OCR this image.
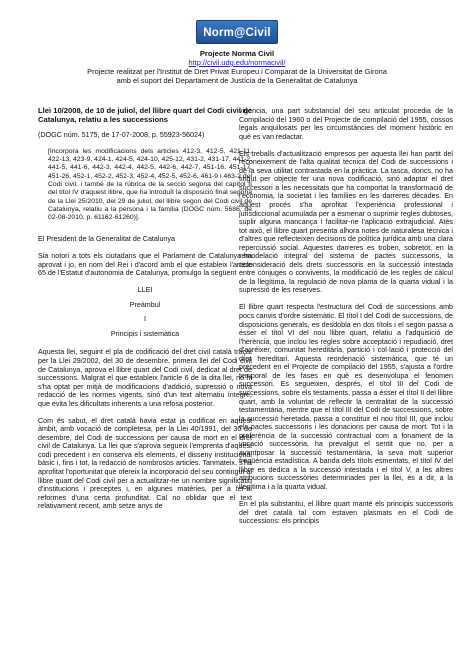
Norm@Civil
Projecte Norma Civil
http://civil.udg.edu/normacivil/
Projecte realitzat per l'Institut de Dret Privat Europeu i Comparat de la Universitat de Girona
amb el suport del Departament de Justícia de la Generalitat de Catalunya
Llei 10/2008, de 10 de juliol, del llibre quart del Codi civil de Catalunya, relatiu a les successions

(DOGC núm. 5175, de 17-07-2008, p. 55923-56024)

[Incorpora les modificacions dels articles 412-3, 412-5, 421-11, 422-13, 423-9, 424-1, 424-5, 424-10, 425-12, 431-2, 431-17, 441-2, 441-5, 441-6, 442-3, 442-4, 442-5, 442-6, 442-7, 451-16, 451-17, 451-26, 452-1, 452-2, 452-3, 452-4, 452-5, 452-6, 461-9 i 463-2 del Codi civil, i també de la rúbrica de la secció segona del capítol II del títol IV d'aquest llibre, que ha introduït la disposició final segona de la Llei 25/2010, del 29 de juliol, del llibre segon del Codi civil de Catalunya, relatiu a la persona i la família (DOGC núm. 5686, de 02-08-2010, p. 61162-61260)].

El President de la Generalitat de Catalunya

Sia notori a tots els ciutadans que el Parlament de Catalunya ha aprovat i jo, en nom del Rei i d'acord amb el que estableix l'article 65 de l'Estatut d'autonomia de Catalunya, promulgo la següent

LLEI
Preàmbul
I
Principis i sistemàtica

Aquesta llei, seguint el pla de codificació del dret civil català traçat per la Llei 29/2002, del 30 de desembre, primera llei del Codi civil de Catalunya, aprova el llibre quart del Codi civil, dedicat al dret de successions. Malgrat el que estableix l'article 6 de la dita llei, no hi s'ha optat per mitjà de modificacions d'addició, supressió o nova redacció de les normes vigents, sinó d'un text alternatiu íntegre, que evita les dificultats inherents a una refosa posterior.

Com és sabut, el dret català havia estat ja codificat en aquest àmbit, amb vocació de completesa, per la Llei 40/1991, del 30 de desembre, del Codi de successions per causa de mort en el dret civil de Catalunya. La llei que s'aprova segueix l'emprenta d'aquest codi precedent i en conserva els elements, el disseny institucional bàsic i, fins i tot, la redacció de nombrosos articles. Tanmateix, s'ha aprofitat l'oportunitat que ofereix la incorporació del seu contingut al llibre quart del Codi civil per a actualitzar-ne un nombre significatiu d'institucions i preceptes i, en algunes matèries, per a fer-hi reformes d'una certa profunditat. Cal no oblidar que el text relativament recent, amb setze anys de

vigència, una part substancial del seu articulat procedia de la Compilació del 1960 o del Projecte de compilació del 1955, cossos legals anquilosats per les circumstàncies del moment històric en què es van redactar.

Els treballs d'actualització empresos per aquesta llei han partit del reconeixement de l'alta qualitat tècnica del Codi de successions i de la seva utilitat contrastada en la pràctica. La tasca, doncs, no ha tingut per objecte fer una nova codificació, sinó adaptar el dret successori a les necessitats que ha comportat la transformació de l'economia, la societat i les famílies en les darreres dècades. En aquest procés s'ha aprofitat l'experiència professional i jurisdiccional acumulada per a esmenar o suprimir regles dubtoses, suplir alguna mancança i facilitar-ne l'aplicació extrajudicial. Atès tot això, el llibre quart presenta alhora notes de naturalesa tècnica i d'altres que reflecteixen decisions de política jurídica amb una clara repercussió social. Aquestes darreres es troben, sobretot, en la remodelació integral del sistema de pactes successoris, la reconsideració dels drets successoris en la successió intestada entre cònjuges o convivents, la modificació de les regles de càlcul de la llegítima, la regulació de nova planta de la quarta vidual i la supressió de les reserves.

El llibre quart respecta l'estructura del Codi de successions amb pocs canvis d'ordre sistemàtic. El títol I del Codi de successions, de disposicions generals, es desdobla en dos títols i el segon passa a ésser el títol VI del nou llibre quart, relatiu a l'adquisició de l'herència, que inclou les regles sobre acceptació i repudiació, dret d'acréixer, comunitat hereditària, partició i col·lació i protecció del dret hereditari. Aquesta reordenació sistemàtica, que té un precedent en el Projecte de compilació del 1955, s'ajusta a l'ordre temporal de les fases en què es desenvolupa el fenomen successori. Es segueixen, després, el títol III del Codi de successions, sobre els testaments, passa a ésser el títol II del llibre quart, amb la voluntat de reflectir la centralitat de la successió testamentària, mentre que el títol III del Codi de successions, sobre la successió heretada, passa a constituir el nou títol III, que inclou els pactes successoris i les donacions per causa de mort. Tot i la preferència de la successió contractual com a fonament de la vocació successòria, ha prevalgut el sentit que no, per a avantposar la successió testamentària, la seva molt superior freqüència estadística. A banda dels títols esmentats, el títol IV del llibre es dedica a la successió intestada i el títol V, a les altres atribucions successòries determinades per la llei, és a dir, a la llegítima i a la quarta vidual.

En el pla substantiu, el llibre quart manté els principis successoris del dret català tal com estaven plasmats en el Codi de successions: els principis
